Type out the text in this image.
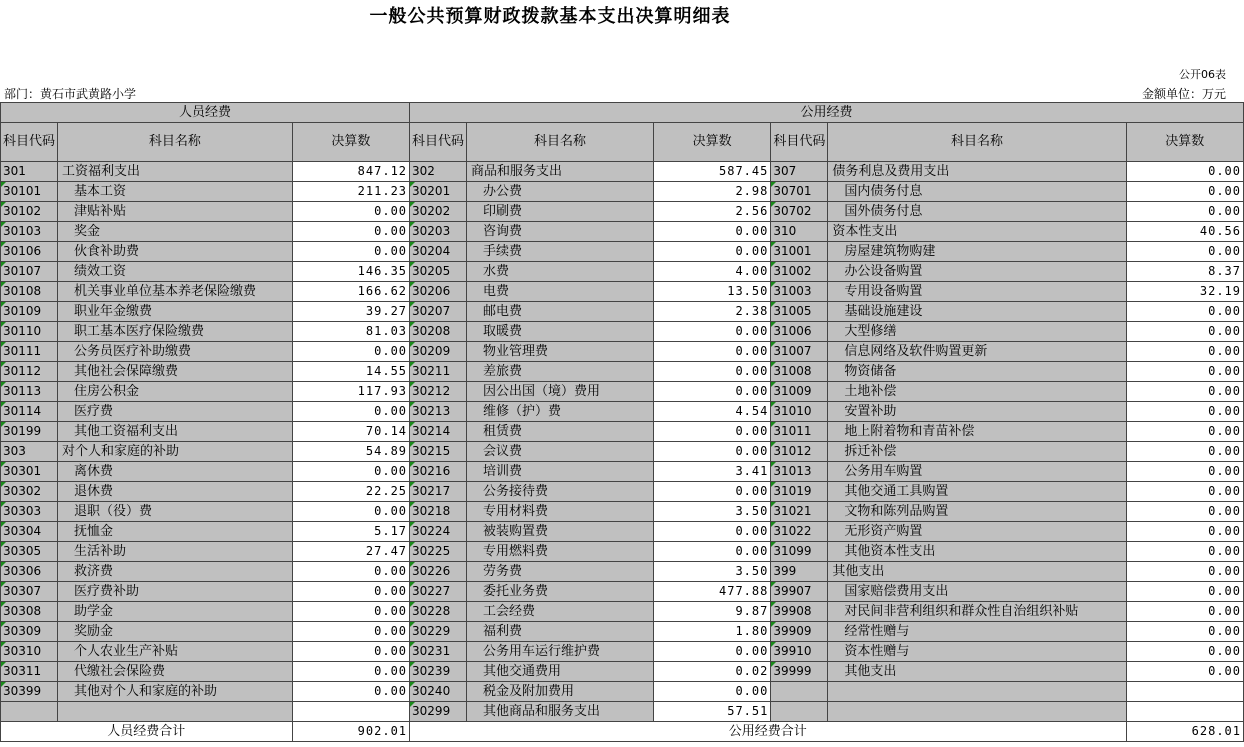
一般公共预算财政拨款基本支出决算明细表
公开06表
部门：黄石市武黄路小学	金额单位：万元
人员经费			公用经费					
科目代码	科目名称	决算数	科目代码	科目名称	决算数	科目代码	科目名称	决算数
301	工资福利支出	847.12	302	商品和服务支出	587.45	307	债务利息及费用支出	0.00
30101	基本工资	211.23	30201	办公费	2.98	30701	国内债务付息	0.00
30102	津贴补贴	0.00	30202	印刷费	2.56	30702	国外债务付息	0.00
30103	奖金	0.00	30203	咨询费	0.00	310	资本性支出	40.56
30106	伙食补助费	0.00	30204	手续费	0.00	31001	房屋建筑物购建	0.00
30107	绩效工资	146.35	30205	水费	4.00	31002	办公设备购置	8.37
30108	机关事业单位基本养老保险缴费	166.62	30206	电费	13.50	31003	专用设备购置	32.19
30109	职业年金缴费	39.27	30207	邮电费	2.38	31005	基础设施建设	0.00
30110	职工基本医疗保险缴费	81.03	30208	取暖费	0.00	31006	大型修缮	0.00
30111	公务员医疗补助缴费	0.00	30209	物业管理费	0.00	31007	信息网络及软件购置更新	0.00
30112	其他社会保障缴费	14.55	30211	差旅费	0.00	31008	物资储备	0.00
30113	住房公积金	117.93	30212	因公出国（境）费用	0.00	31009	土地补偿	0.00
30114	医疗费	0.00	30213	维修（护）费	4.54	31010	安置补助	0.00
30199	其他工资福利支出	70.14	30214	租赁费	0.00	31011	地上附着物和青苗补偿	0.00
303	对个人和家庭的补助	54.89	30215	会议费	0.00	31012	拆迁补偿	0.00
30301	离休费	0.00	30216	培训费	3.41	31013	公务用车购置	0.00
30302	退休费	22.25	30217	公务接待费	0.00	31019	其他交通工具购置	0.00
30303	退职（役）费	0.00	30218	专用材料费	3.50	31021	文物和陈列品购置	0.00
30304	抚恤金	5.17	30224	被装购置费	0.00	31022	无形资产购置	0.00
30305	生活补助	27.47	30225	专用燃料费	0.00	31099	其他资本性支出	0.00
30306	救济费	0.00	30226	劳务费	3.50	399	其他支出	0.00
30307	医疗费补助	0.00	30227	委托业务费	477.88	39907	国家赔偿费用支出	0.00
30308	助学金	0.00	30228	工会经费	9.87	39908	对民间非营利组织和群众性自治组织补贴	0.00
30309	奖励金	0.00	30229	福利费	1.80	39909	经常性赠与	0.00
30310	个人农业生产补贴	0.00	30231	公务用车运行维护费	0.00	39910	资本性赠与	0.00
30311	代缴社会保险费	0.00	30239	其他交通费用	0.02	39999	其他支出	0.00
30399	其他对个人和家庭的补助	0.00	30240	税金及附加费用	0.00			
			30299	其他商品和服务支出	57.51			
人员经费合计		902.01	公用经费合计					628.01
